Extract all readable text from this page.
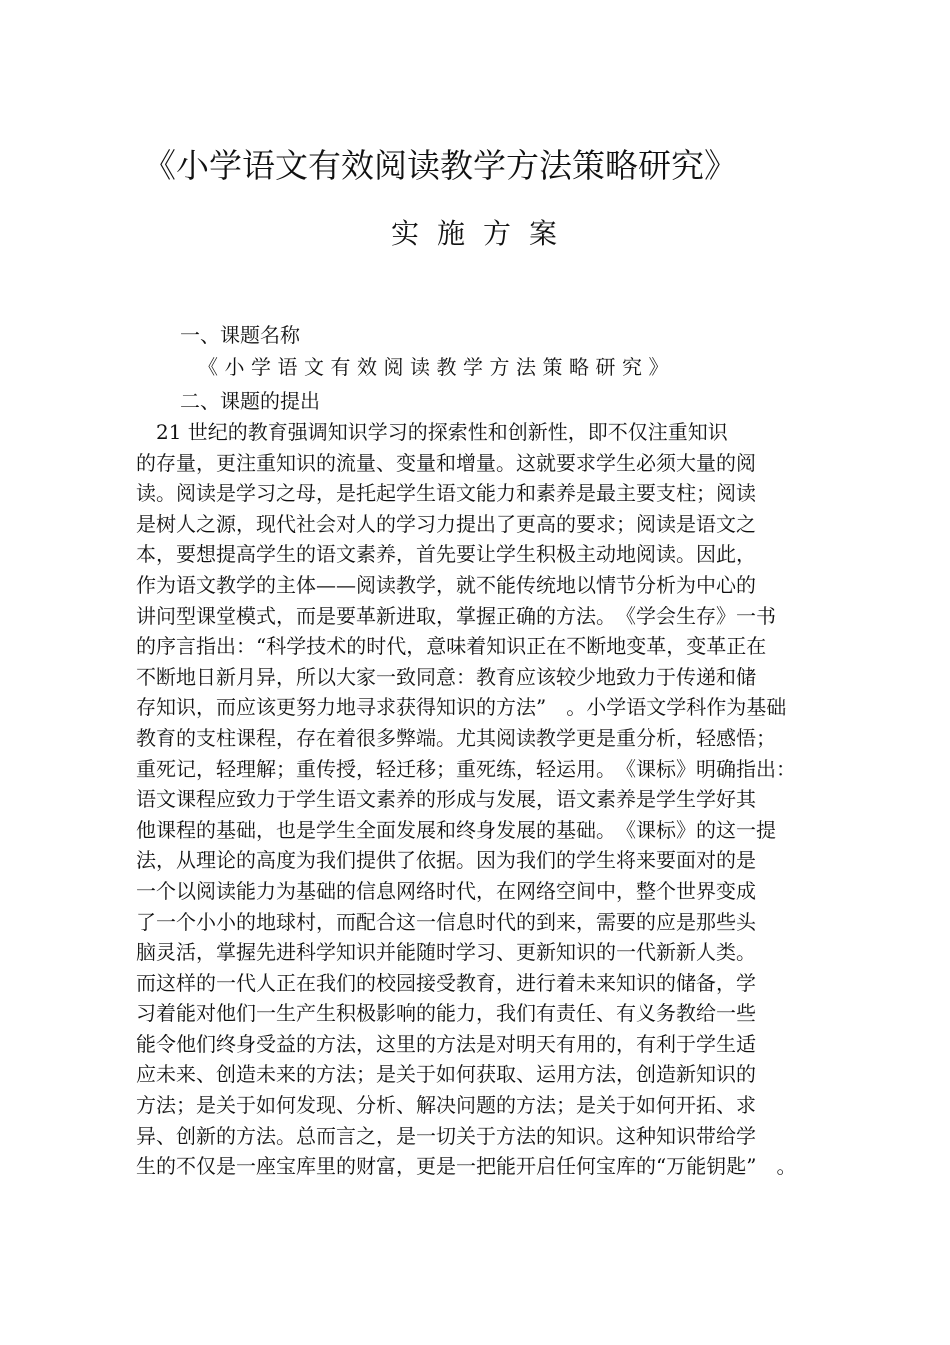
《小学语文有效阅读教学方法策略研究》
实施方案
一、课题名称
《小学语文有效阅读教学方法策略研究》
二、课题的提出
　21 世纪的教育强调知识学习的探索性和创新性，即不仅注重知识
的存量，更注重知识的流量、变量和增量。这就要求学生必须大量的阅
读。阅读是学习之母，是托起学生语文能力和素养是最主要支柱；阅读
是树人之源，现代社会对人的学习力提出了更高的要求；阅读是语文之
本，要想提高学生的语文素养，首先要让学生积极主动地阅读。因此，
作为语文教学的主体——阅读教学，就不能传统地以情节分析为中心的
讲问型课堂模式，而是要革新进取，掌握正确的方法。　《学会生存》一书
的序言指出：“科学技术的时代，意味着知识正在不断地变革，变革正在
不断地日新月异，所以大家一致同意：教育应该较少地致力于传递和储
存知识，而应该更努力地寻求获得知识的方法”　。小学语文学科作为基础
教育的支柱课程，存在着很多弊端。尤其阅读教学更是重分析，轻感悟；
重死记，轻理解；重传授，轻迁移；重死练，轻运用。　《课标》明确指出：
语文课程应致力于学生语文素养的形成与发展，语文素养是学生学好其
他课程的基础，也是学生全面发展和终身发展的基础。　《课标》的这一提
法，从理论的高度为我们提供了依据。因为我们的学生将来要面对的是
一个以阅读能力为基础的信息网络时代，在网络空间中，整个世界变成
了一个小小的地球村，而配合这一信息时代的到来，需要的应是那些头
脑灵活，掌握先进科学知识并能随时学习、更新知识的一代新新人类。
而这样的一代人正在我们的校园接受教育，进行着未来知识的储备，学
习着能对他们一生产生积极影响的能力，我们有责任、有义务教给一些
能令他们终身受益的方法，这里的方法是对明天有用的，有利于学生适
应未来、创造未来的方法；是关于如何获取、运用方法，创造新知识的
方法；是关于如何发现、分析、解决问题的方法；是关于如何开拓、求
异、创新的方法。总而言之，是一切关于方法的知识。这种知识带给学
生的不仅是一座宝库里的财富，更是一把能开启任何宝库的“万能钥匙”　。
